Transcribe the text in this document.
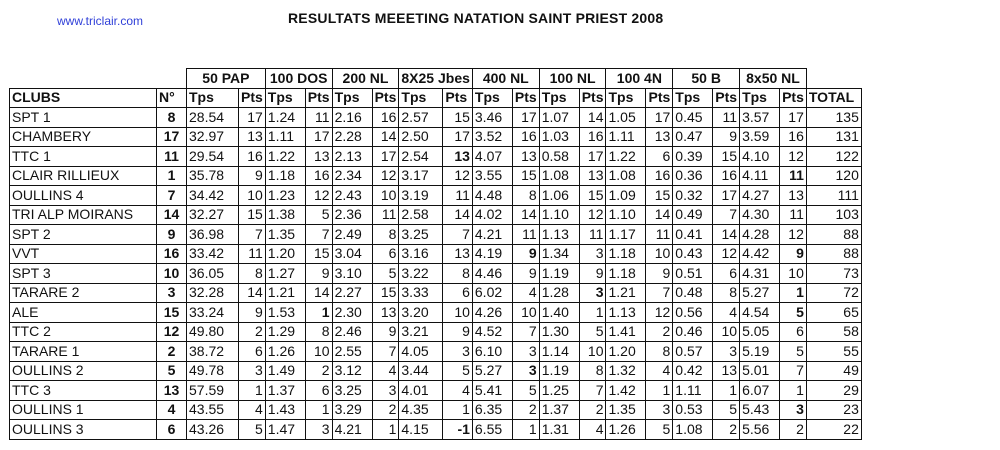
www.triclair.com	RESULTATS MEEETING NATATION SAINT PRIEST 2008
		50 PAP		100 DOS		200 NL		8X25 Jbes		400 NL		100 NL		100 4N		50 B		8x50 NL		
CLUBS	N°	Tps	Pts	Tps	Pts	Tps	Pts	Tps	Pts	Tps	Pts	Tps	Pts	Tps	Pts	Tps	Pts	Tps	Pts	TOTAL
SPT 1	8	28.54	17	1.24	11	2.16	16	2.57	15	3.46	17	1.07	14	1.05	17	0.45	11	3.57	17	135
CHAMBERY	17	32.97	13	1.11	17	2.28	14	2.50	17	3.52	16	1.03	16	1.11	13	0.47	9	3.59	16	131
TTC 1	11	29.54	16	1.22	13	2.13	17	2.54	13	4.07	13	0.58	17	1.22	6	0.39	15	4.10	12	122
CLAIR RILLIEUX	1	35.78	9	1.18	16	2.34	12	3.17	12	3.55	15	1.08	13	1.08	16	0.36	16	4.11	11	120
OULLINS 4	7	34.42	10	1.23	12	2.43	10	3.19	11	4.48	8	1.06	15	1.09	15	0.32	17	4.27	13	111
TRI ALP MOIRANS	14	32.27	15	1.38	5	2.36	11	2.58	14	4.02	14	1.10	12	1.10	14	0.49	7	4.30	11	103
SPT 2	9	36.98	7	1.35	7	2.49	8	3.25	7	4.21	11	1.13	11	1.17	11	0.41	14	4.28	12	88
VVT	16	33.42	11	1.20	15	3.04	6	3.16	13	4.19	9	1.34	3	1.18	10	0.43	12	4.42	9	88
SPT 3	10	36.05	8	1.27	9	3.10	5	3.22	8	4.46	9	1.19	9	1.18	9	0.51	6	4.31	10	73
TARARE 2	3	32.28	14	1.21	14	2.27	15	3.33	6	6.02	4	1.28	3	1.21	7	0.48	8	5.27	1	72
ALE	15	33.24	9	1.53	1	2.30	13	3.20	10	4.26	10	1.40	1	1.13	12	0.56	4	4.54	5	65
TTC 2	12	49.80	2	1.29	8	2.46	9	3.21	9	4.52	7	1.30	5	1.41	2	0.46	10	5.05	6	58
TARARE 1	2	38.72	6	1.26	10	2.55	7	4.05	3	6.10	3	1.14	10	1.20	8	0.57	3	5.19	5	55
OULLINS 2	5	49.78	3	1.49	2	3.12	4	3.44	5	5.27	3	1.19	8	1.32	4	0.42	13	5.01	7	49
TTC 3	13	57.59	1	1.37	6	3.25	3	4.01	4	5.41	5	1.25	7	1.42	1	1.11	1	6.07	1	29
OULLINS 1	4	43.55	4	1.43	1	3.29	2	4.35	1	6.35	2	1.37	2	1.35	3	0.53	5	5.43	3	23
OULLINS 3	6	43.26	5	1.47	3	4.21	1	4.15	-1	6.55	1	1.31	4	1.26	5	1.08	2	5.56	2	22
